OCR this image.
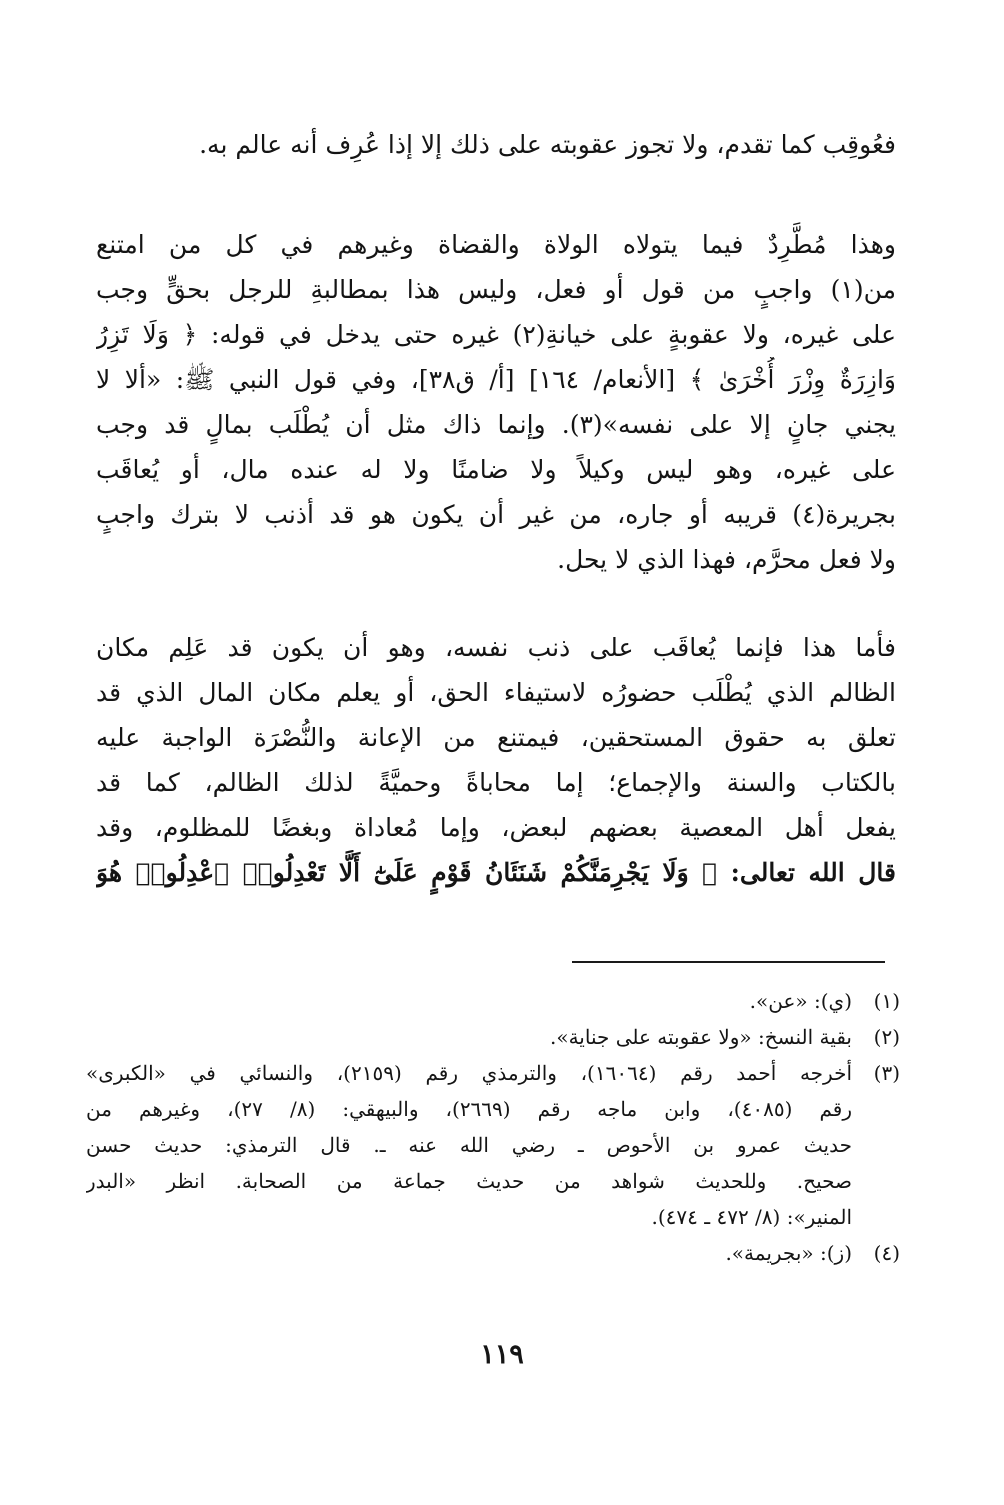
فعُوقِب كما تقدم، ولا تجوز عقوبته على ذلك إلا إذا عُرِف أنه عالم به.
وهذا مُطَّرِدٌ فيما يتولاه الولاة والقضاة وغيرهم في كل من امتنع
من(١) واجبٍ من قول أو فعل، وليس هذا بمطالبةِ للرجل بحقٍّ وجب
على غيره، ولا عقوبةٍ على خيانةِ(٢) غيره حتى يدخل في قوله: ﴿ وَلَا تَزِرُ
وَازِرَةٌ وِزْرَ أُخْرَىٰ ﴾ [الأنعام/ ١٦٤] [أ/ ق٣٨]، وفي قول النبي ﷺ: «ألا لا
يجني جانٍ إلا على نفسه»(٣). وإنما ذاك مثل أن يُطْلَب بمالٍ قد وجب
على غيره، وهو ليس وكيلاً ولا ضامنًا ولا له عنده مال، أو يُعاقَب
بجريرة(٤) قريبه أو جاره، من غير أن يكون هو قد أذنب لا بترك واجبٍ
ولا فعل محرَّم، فهذا الذي لا يحل.
فأما هذا فإنما يُعاقَب على ذنب نفسه، وهو أن يكون قد عَلِم مكان
الظالم الذي يُطْلَب حضورُه لاستيفاء الحق، أو يعلم مكان المال الذي قد
تعلق به حقوق المستحقين، فيمتنع من الإعانة والنُّصْرَة الواجبة عليه
بالكتاب والسنة والإجماع؛ إما محاباةً وحميَّةً لذلك الظالم، كما قد
يفعل أهل المعصية بعضهم لبعض، وإما مُعاداة وبغضًا للمظلوم، وقد
قال الله تعالى: ﴿ وَلَا يَجْرِمَنَّكُمْ شَنَئَانُ قَوْمٍ عَلَىٰٓ أَلَّا تَعْدِلُوا۟ ٱعْدِلُوا۟ هُوَ
(١)
(ي): «عن».
(٢)
بقية النسخ: «ولا عقوبته على جناية».
(٣)
أخرجه أحمد رقم (١٦٠٦٤)، والترمذي رقم (٢١٥٩)، والنسائي في «الكبرى»
رقم (٤٠٨٥)، وابن ماجه رقم (٢٦٦٩)، والبيهقي: (٨/ ٢٧)، وغيرهم من
حديث عمرو بن الأحوص ـ رضي الله عنه ـ. قال الترمذي: حديث حسن
صحيح. وللحديث شواهد من حديث جماعة من الصحابة. انظر «البدر
المنير»: (٨/ ٤٧٢ ـ ٤٧٤).
(٤)
(ز): «بجريمة».
١١٩
